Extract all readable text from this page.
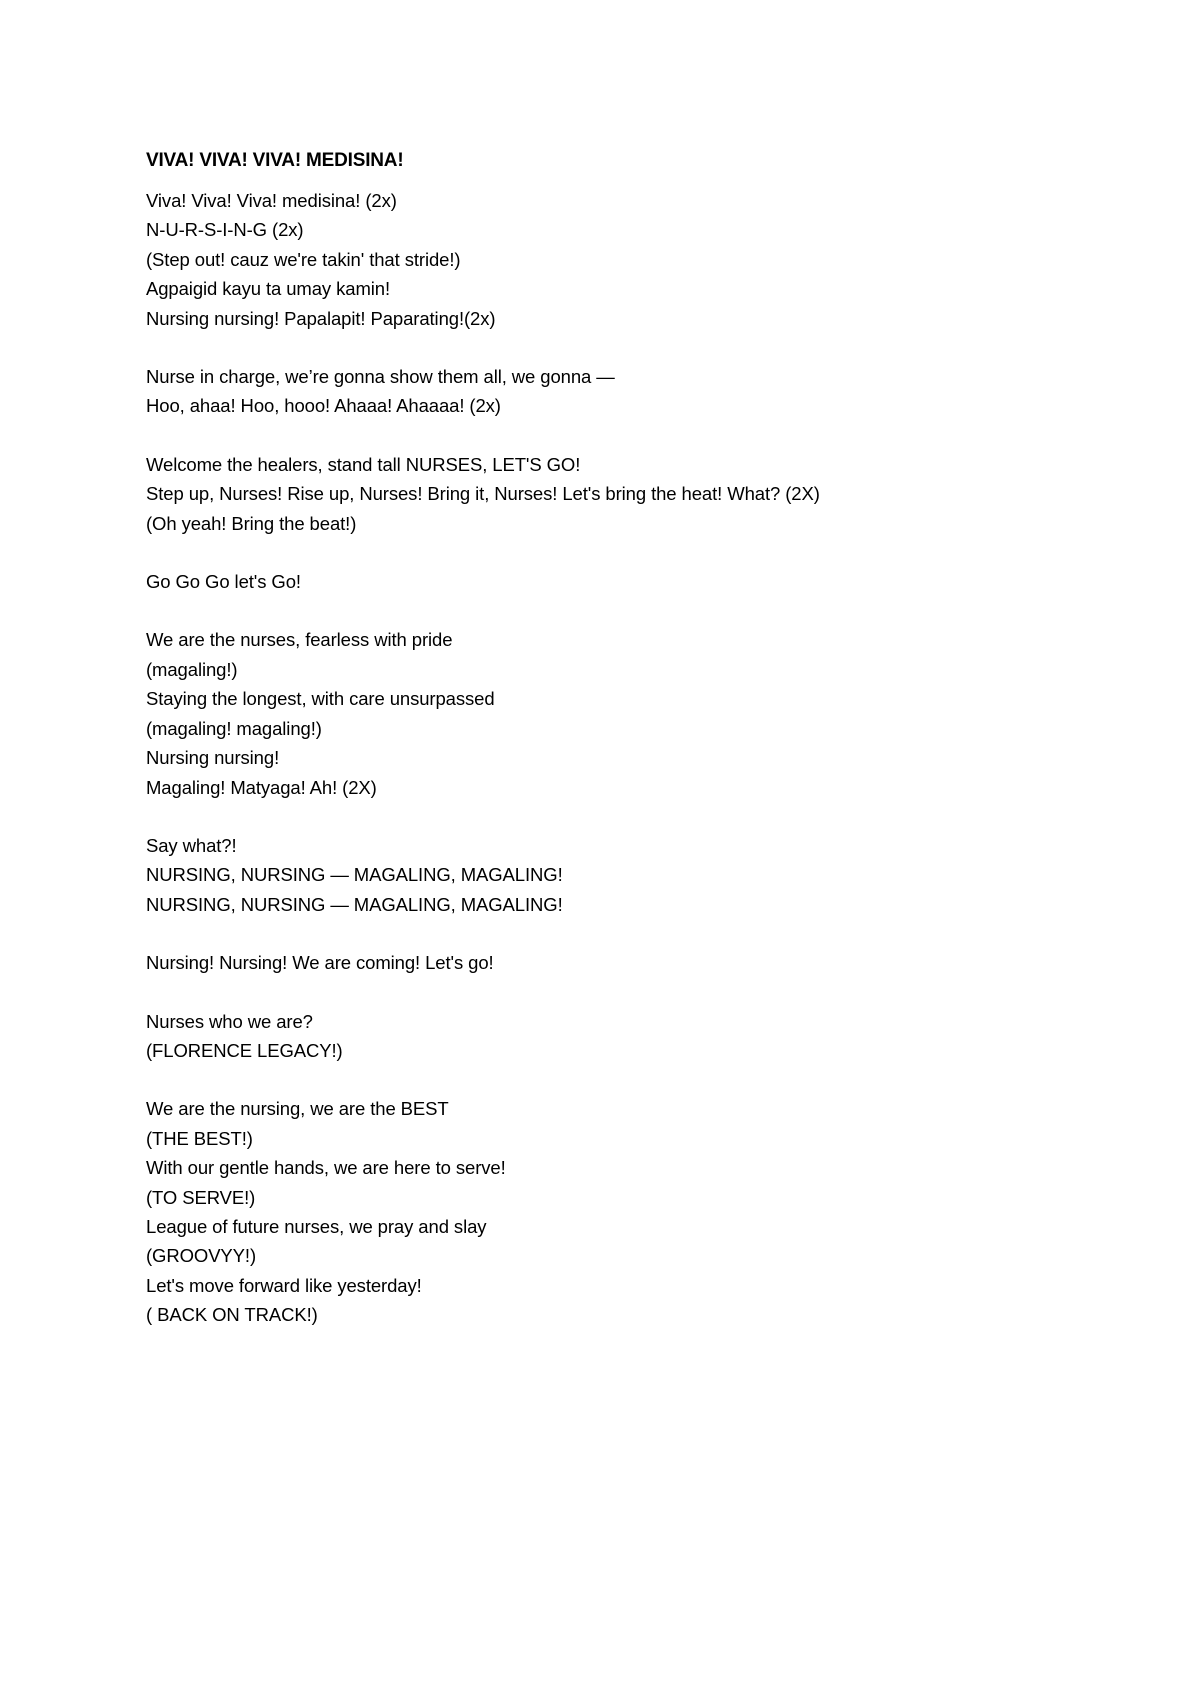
VIVA! VIVA! VIVA! MEDISINA!
Viva! Viva! Viva! medisina! (2x)
N-U-R-S-I-N-G (2x)
(Step out! cauz we're takin' that stride!)
Agpaigid kayu ta umay kamin!
Nursing nursing! Papalapit! Paparating!(2x)
Nurse in charge, we’re gonna show them all, we gonna —
Hoo, ahaa! Hoo, hooo! Ahaaa! Ahaaaa! (2x)
Welcome the healers, stand tall NURSES, LET'S GO!
Step up, Nurses! Rise up, Nurses! Bring it, Nurses! Let's bring the heat! What? (2X)
(Oh yeah! Bring the beat!)
Go Go Go let's Go!
We are the nurses, fearless with pride
(magaling!)
Staying the longest, with care unsurpassed
(magaling! magaling!)
Nursing nursing!
Magaling! Matyaga! Ah! (2X)
Say what?!
NURSING, NURSING — MAGALING, MAGALING!
NURSING, NURSING — MAGALING, MAGALING!
Nursing! Nursing! We are coming! Let's go!
Nurses who we are?
(FLORENCE LEGACY!)
We are the nursing, we are the BEST
(THE BEST!)
With our gentle hands, we are here to serve!
(TO SERVE!)
League of future nurses, we pray and slay
(GROOVYY!)
Let's move forward like yesterday!
( BACK ON TRACK!)
